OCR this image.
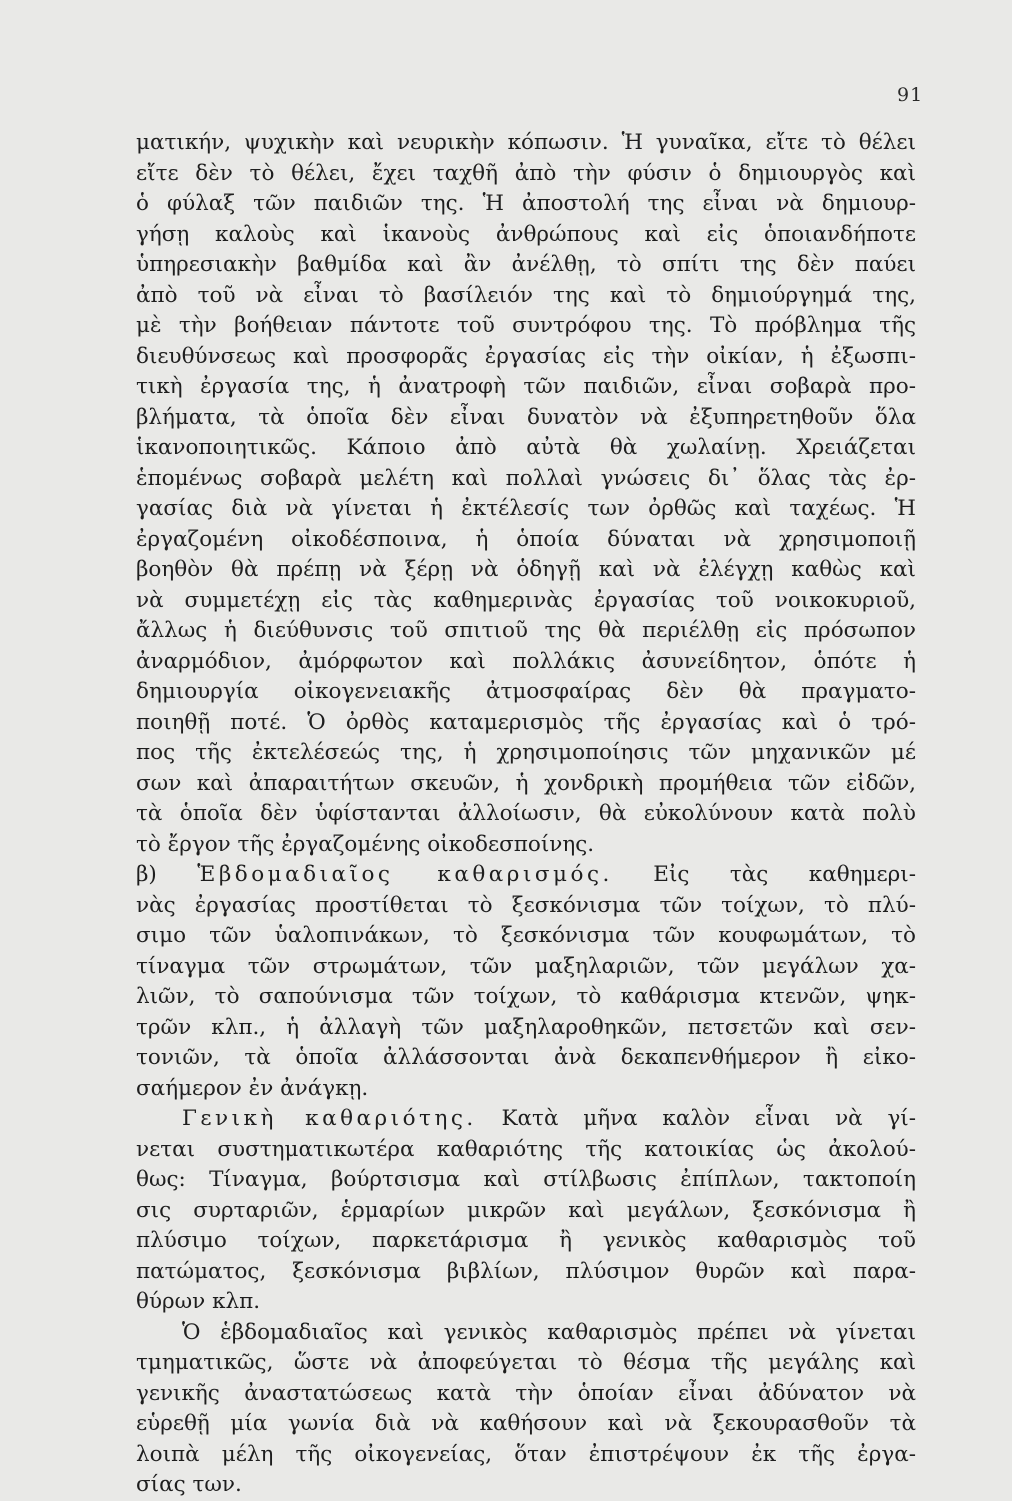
91
ματικήν, ψυχικὴν καὶ νευρικὴν κόπωσιν. Ἡ γυναῖκα, εἴτε τὸ θέλει
εἴτε δὲν τὸ θέλει, ἔχει ταχθῆ ἀπὸ τὴν φύσιν ὁ δημιουργὸς καὶ
ὁ φύλαξ τῶν παιδιῶν της. Ἡ ἀποστολή της εἶναι νὰ δημιουρ-
γήσῃ καλοὺς καὶ ἱκανοὺς ἀνθρώπους καὶ εἰς ὁποιανδήποτε
ὑπηρεσιακὴν βαθμίδα καὶ ἂν ἀνέλθῃ, τὸ σπίτι της δὲν παύει
ἀπὸ τοῦ νὰ εἶναι τὸ βασίλειόν της καὶ τὸ δημιούργημά της,
μὲ τὴν βοήθειαν πάντοτε τοῦ συντρόφου της. Τὸ πρόβλημα τῆς
διευθύνσεως καὶ προσφορᾶς ἐργασίας εἰς τὴν οἰκίαν, ἡ ἐξωσπι-
τικὴ ἐργασία της, ἡ ἀνατροφὴ τῶν παιδιῶν, εἶναι σοβαρὰ προ-
βλήματα, τὰ ὁποῖα δὲν εἶναι δυνατὸν νὰ ἐξυπηρετηθοῦν ὅλα
ἱκανοποιητικῶς. Κάποιο ἀπὸ αὐτὰ θὰ χωλαίνῃ. Χρειάζεται
ἑπομένως σοβαρὰ μελέτη καὶ πολλαὶ γνώσεις δι᾽ ὅλας τὰς ἐρ-
γασίας διὰ νὰ γίνεται ἡ ἐκτέλεσίς των ὀρθῶς καὶ ταχέως. Ἡ
ἐργαζομένη οἰκοδέσποινα, ἡ ὁποία δύναται νὰ χρησιμοποιῇ
βοηθὸν θὰ πρέπῃ νὰ ξέρῃ νὰ ὁδηγῇ καὶ νὰ ἐλέγχῃ καθὼς καὶ
νὰ συμμετέχῃ εἰς τὰς καθημερινὰς ἐργασίας τοῦ νοικοκυριοῦ,
ἄλλως ἡ διεύθυνσις τοῦ σπιτιοῦ της θὰ περιέλθῃ εἰς πρόσωπον
ἀναρμόδιον, ἀμόρφωτον καὶ πολλάκις ἀσυνείδητον, ὁπότε ἡ
δημιουργία οἰκογενειακῆς ἀτμοσφαίρας δὲν θὰ πραγματο-
ποιηθῇ ποτέ. Ὁ ὀρθὸς καταμερισμὸς τῆς ἐργασίας καὶ ὁ τρό-
πος τῆς ἐκτελέσεώς της, ἡ χρησιμοποίησις τῶν μηχανικῶν μέ
σων καὶ ἀπαραιτήτων σκευῶν, ἡ χονδρικὴ προμήθεια τῶν εἰδῶν,
τὰ ὁποῖα δὲν ὑφίστανται ἀλλοίωσιν, θὰ εὐκολύνουν κατὰ πολὺ
τὸ ἔργον τῆς ἐργαζομένης οἰκοδεσποίνης.
β) Ἑβδομαδιαῖος καθαρισμός. Εἰς τὰς καθημερι-
νὰς ἐργασίας προστίθεται τὸ ξεσκόνισμα τῶν τοίχων, τὸ πλύ-
σιμο τῶν ὑαλοπινάκων, τὸ ξεσκόνισμα τῶν κουφωμάτων, τὸ
τίναγμα τῶν στρωμάτων, τῶν μαξηλαριῶν, τῶν μεγάλων χα-
λιῶν, τὸ σαπούνισμα τῶν τοίχων, τὸ καθάρισμα κτενῶν, ψηκ-
τρῶν κλπ., ἡ ἀλλαγὴ τῶν μαξηλαροθηκῶν, πετσετῶν καὶ σεν-
τονιῶν, τὰ ὁποῖα ἀλλάσσονται ἀνὰ δεκαπενθήμερον ἢ εἰκο-
σαήμερον ἐν ἀνάγκῃ.
Γενικὴ καθαριότης. Κατὰ μῆνα καλὸν εἶναι νὰ γί-
νεται συστηματικωτέρα καθαριότης τῆς κατοικίας ὡς ἀκολού-
θως: Τίναγμα, βούρτσισμα καὶ στίλβωσις ἐπίπλων, τακτοποίη
σις συρταριῶν, ἑρμαρίων μικρῶν καὶ μεγάλων, ξεσκόνισμα ἢ
πλύσιμο τοίχων, παρκετάρισμα ἢ γενικὸς καθαρισμὸς τοῦ
πατώματος, ξεσκόνισμα βιβλίων, πλύσιμον θυρῶν καὶ παρα-
θύρων κλπ.
Ὁ ἑβδομαδιαῖος καὶ γενικὸς καθαρισμὸς πρέπει νὰ γίνεται
τμηματικῶς, ὥστε νὰ ἀποφεύγεται τὸ θέσμα τῆς μεγάλης καὶ
γενικῆς ἀναστατώσεως κατὰ τὴν ὁποίαν εἶναι ἀδύνατον νὰ
εὑρεθῇ μία γωνία διὰ νὰ καθήσουν καὶ νὰ ξεκουρασθοῦν τὰ
λοιπὰ μέλη τῆς οἰκογενείας, ὅταν ἐπιστρέψουν ἐκ τῆς ἐργα-
σίας των.
